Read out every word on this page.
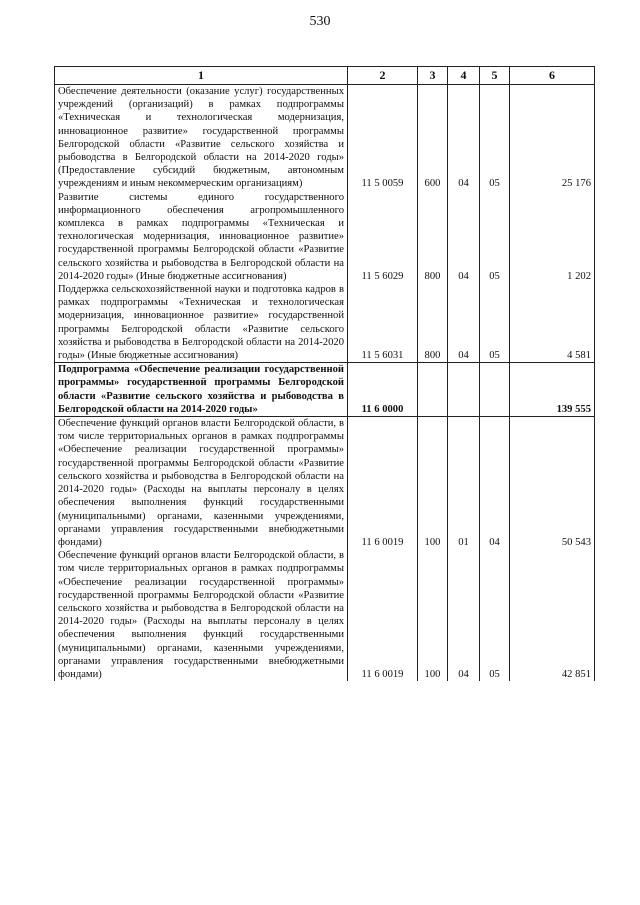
530
1	2	3	4	5	6
Обеспечение деятельности (оказание услуг) государственных учреждений (организаций) в рамках подпрограммы «Техническая и технологическая модернизация, инновационное развитие» государственной программы Белгородской области «Развитие сельского хозяйства и рыбоводства в Белгородской области на 2014-2020 годы» (Предоставление субсидий бюджетным, автономным учреждениям и иным некоммерческим организациям)	11 5 0059	600	04	05	25 176
Развитие системы единого государственного информационного обеспечения агропромышленного комплекса в рамках подпрограммы «Техническая и технологическая модернизация, инновационное развитие» государственной программы Белгородской области «Развитие сельского хозяйства и рыбоводства в Белгородской области на 2014-2020 годы» (Иные бюджетные ассигнования)	11 5 6029	800	04	05	1 202
Поддержка сельскохозяйственной науки и подготовка кадров в рамках подпрограммы «Техническая и технологическая модернизация, инновационное развитие» государственной программы Белгородской области «Развитие сельского хозяйства и рыбоводства в Белгородской области на 2014-2020 годы» (Иные бюджетные ассигнования)	11 5 6031	800	04	05	4 581
Подпрограмма «Обеспечение реализации государственной программы» государственной программы Белгородской области «Развитие сельского хозяйства и рыбоводства в Белгородской области на 2014-2020 годы»	11 6 0000				139 555
Обеспечение функций органов власти Белгородской области, в том числе территориальных органов в рамках подпрограммы «Обеспечение реализации государственной программы» государственной программы Белгородской области «Развитие сельского хозяйства и рыбоводства в Белгородской области на 2014-2020 годы» (Расходы на выплаты персоналу в целях обеспечения выполнения функций государственными (муниципальными) органами, казенными учреждениями, органами управления государственными внебюджетными фондами)	11 6 0019	100	01	04	50 543
Обеспечение функций органов власти Белгородской области, в том числе территориальных органов в рамках подпрограммы «Обеспечение реализации государственной программы» государственной программы Белгородской области «Развитие сельского хозяйства и рыбоводства в Белгородской области на 2014-2020 годы» (Расходы на выплаты персоналу в целях обеспечения выполнения функций государственными (муниципальными) органами, казенными учреждениями, органами управления государственными внебюджетными фондами)	11 6 0019	100	04	05	42 851
